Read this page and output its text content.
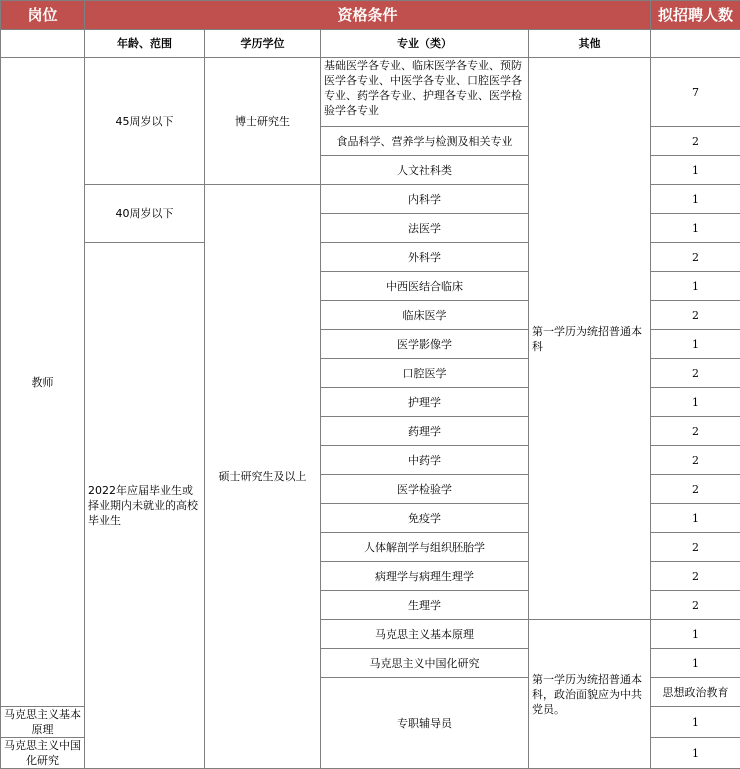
岗位	资格条件				拟招聘人数	
	年龄、范围	学历学位	专业（类）	其他		
教师	45周岁以下	博士研究生	基础医学各专业、临床医学各专业、预防医学各专业、中医学各专业、口腔医学各专业、药学各专业、护理各专业、医学检验学各专业	第一学历为统招普通本科	7	
			食品科学、营养学与检测及相关专业		2	
			人文社科类		1	
	40周岁以下	硕士研究生及以上	内科学		1	
			法医学		1	
	2022年应届毕业生或择业期内未就业的高校毕业生		外科学		2	
			中西医结合临床		1	
			临床医学		2	
			医学影像学		1	
			口腔医学		2	
			护理学		1	
			药理学		2	
			中药学		2	
			医学检验学		2	
			免疫学		1	
			人体解剖学与组织胚胎学		2	
			病理学与病理生理学		2	
			生理学		2	
			马克思主义基本原理	第一学历为统招普通本科，政治面貌应为中共党员。	1	
			马克思主义中国化研究		1	
			专职辅导员		思想政治教育	
马克思主义基本原理					1	
马克思主义中国化研究					1	
